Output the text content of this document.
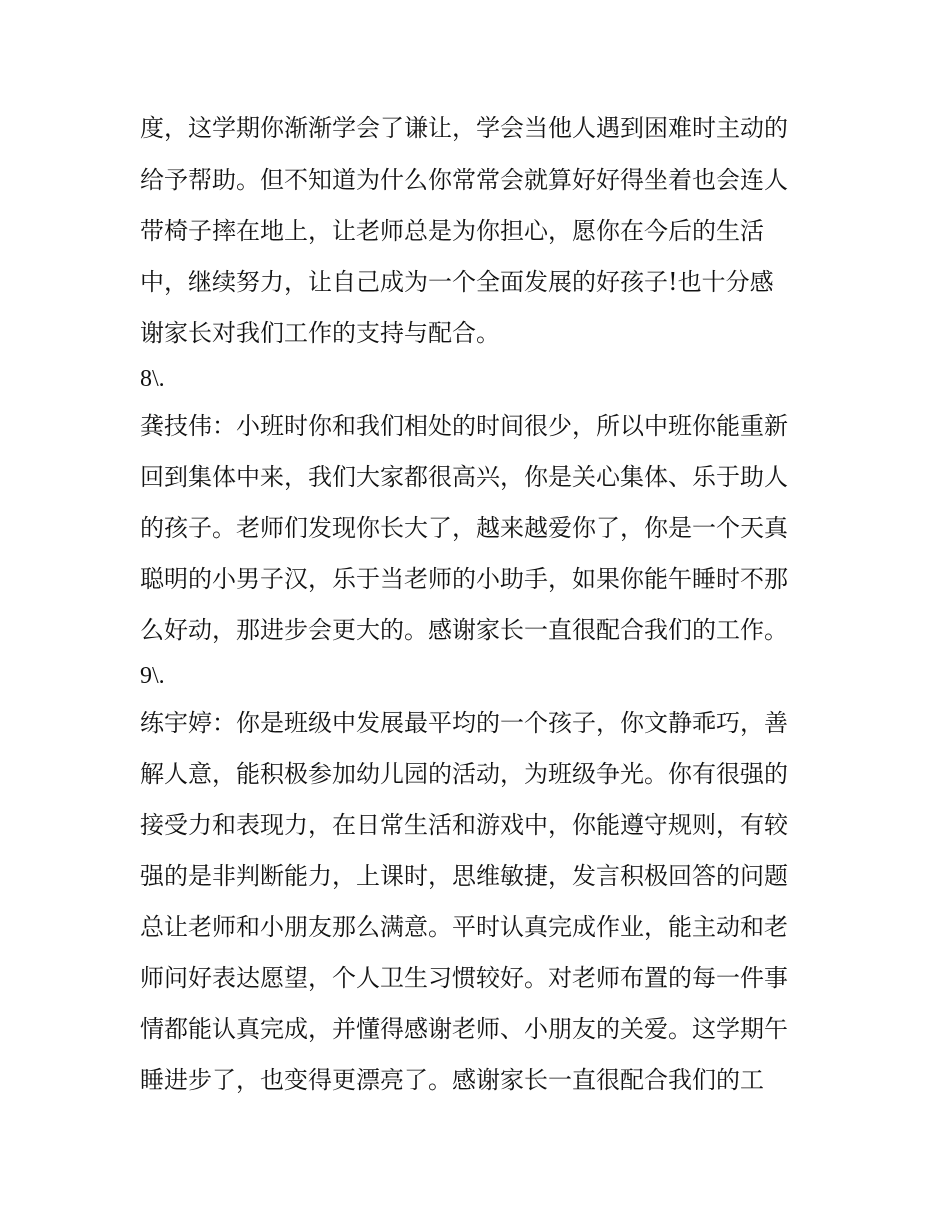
度，这学期你渐渐学会了谦让，学会当他人遇到困难时主动的
给予帮助。但不知道为什么你常常会就算好好得坐着也会连人
带椅子摔在地上，让老师总是为你担心，愿你在今后的生活
中，继续努力，让自己成为一个全面发展的好孩子!也十分感
谢家长对我们工作的支持与配合。
8\.
龚技伟：小班时你和我们相处的时间很少，所以中班你能重新
回到集体中来，我们大家都很高兴，你是关心集体、乐于助人
的孩子。老师们发现你长大了，越来越爱你了，你是一个天真
聪明的小男子汉，乐于当老师的小助手，如果你能午睡时不那
么好动，那进步会更大的。感谢家长一直很配合我们的工作。
9\.
练宇婷：你是班级中发展最平均的一个孩子，你文静乖巧，善
解人意，能积极参加幼儿园的活动，为班级争光。你有很强的
接受力和表现力，在日常生活和游戏中，你能遵守规则，有较
强的是非判断能力，上课时，思维敏捷，发言积极回答的问题
总让老师和小朋友那么满意。平时认真完成作业，能主动和老
师问好表达愿望，个人卫生习惯较好。对老师布置的每一件事
情都能认真完成，并懂得感谢老师、小朋友的关爱。这学期午
睡进步了，也变得更漂亮了。感谢家长一直很配合我们的工
